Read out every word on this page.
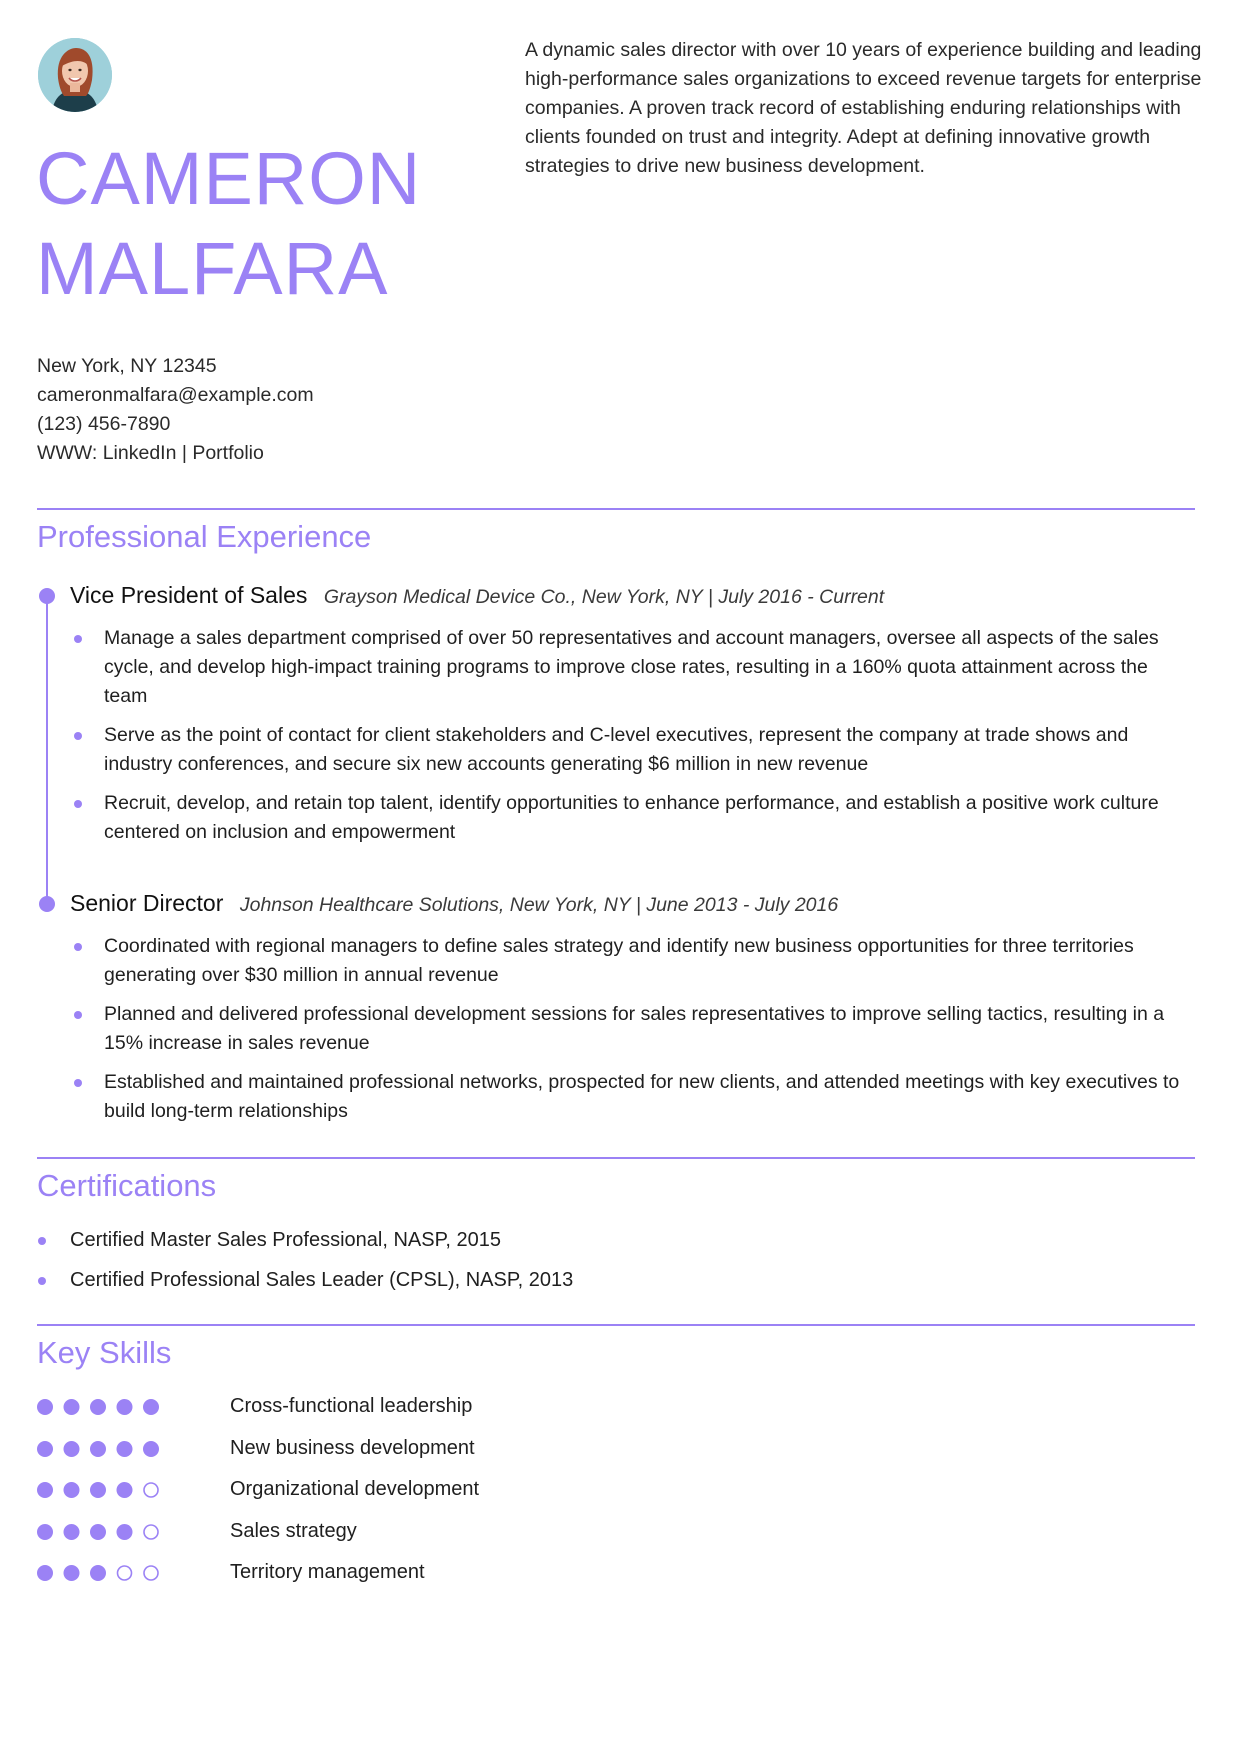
CAMERON
MALFARA

A dynamic sales director with over 10 years of experience building and leading high-performance sales organizations to exceed revenue targets for enterprise companies. A proven track record of establishing enduring relationships with clients founded on trust and integrity. Adept at defining innovative growth strategies to drive new business development.

New York, NY 12345
cameronmalfara@example.com
(123) 456-7890
WWW: LinkedIn | Portfolio
Professional Experience
Vice President of Sales Grayson Medical Device Co., New York, NY | July 2016 - Current
Manage a sales department comprised of over 50 representatives and account managers, oversee all aspects of the sales cycle, and develop high-impact training programs to improve close rates, resulting in a 160% quota attainment across the team
Serve as the point of contact for client stakeholders and C-level executives, represent the company at trade shows and industry conferences, and secure six new accounts generating $6 million in new revenue
Recruit, develop, and retain top talent, identify opportunities to enhance performance, and establish a positive work culture centered on inclusion and empowerment
Senior Director Johnson Healthcare Solutions, New York, NY | June 2013 - July 2016
Coordinated with regional managers to define sales strategy and identify new business opportunities for three territories generating over $30 million in annual revenue
Planned and delivered professional development sessions for sales representatives to improve selling tactics, resulting in a 15% increase in sales revenue
Established and maintained professional networks, prospected for new clients, and attended meetings with key executives to build long-term relationships
Certifications
Certified Master Sales Professional, NASP, 2015
Certified Professional Sales Leader (CPSL), NASP, 2013
Key Skills
Cross-functional leadership
New business development
Organizational development
Sales strategy
Territory management
